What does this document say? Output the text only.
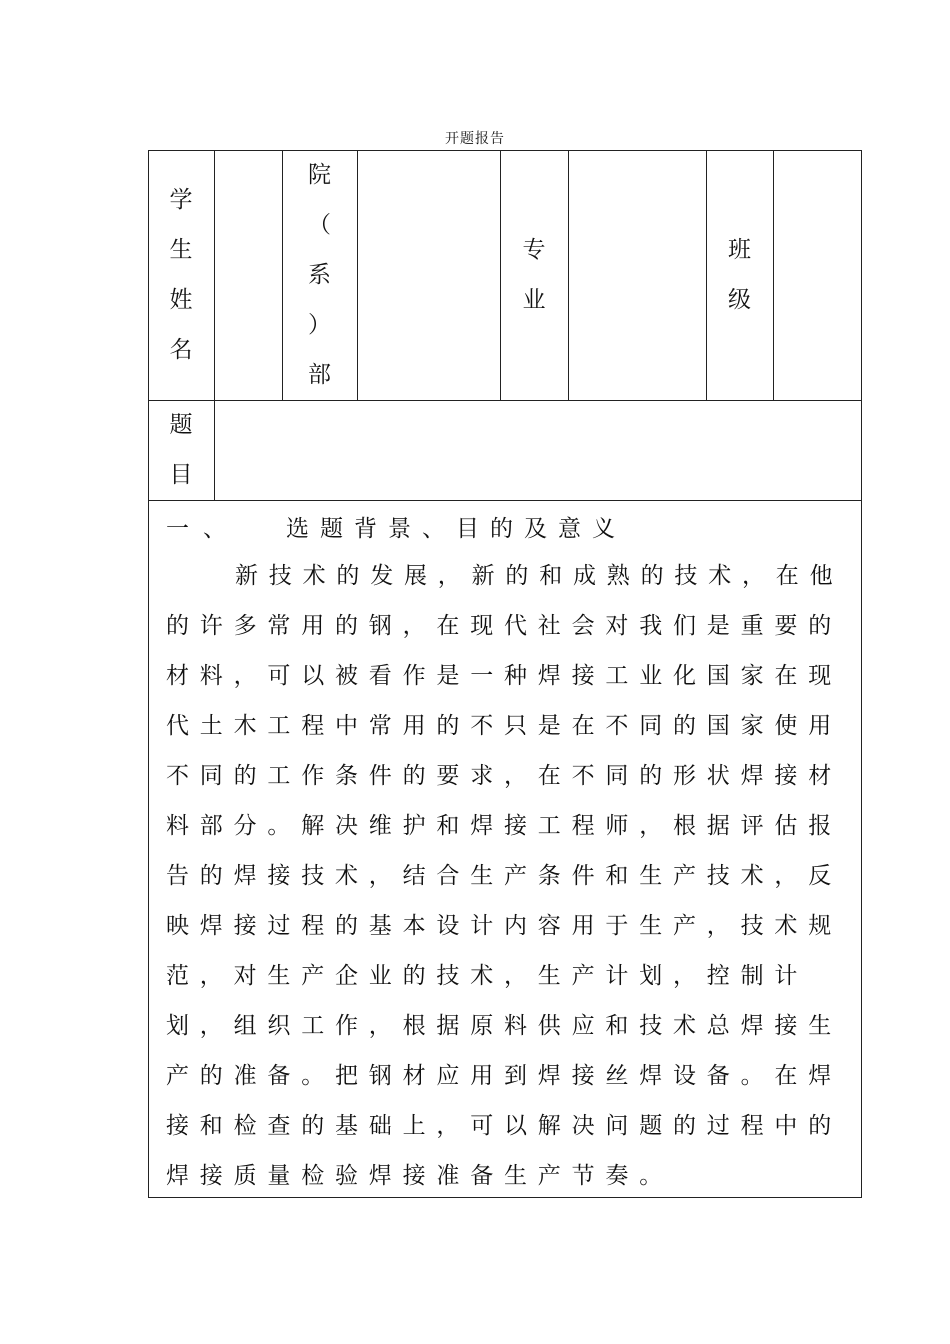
开题报告
学
生
姓
名
院
（
系
）
部
专
业
班
级
题
目
一、 选题背景、目的及意义
新技术的发展，新的和成熟的技术，在他的许多常用的钢，在现代社会对我们是重要的材料，可以被看作是一种焊接工业化国家在现代土木工程中常用的不只是在不同的国家使用不同的工作条件的要求，在不同的形状焊接材料部分。解决维护和焊接工程师，根据评估报告的焊接技术，结合生产条件和生产技术，反映焊接过程的基本设计内容用于生产，技术规范，对生产企业的技术，生产计划，控制计划，组织工作，根据原料供应和技术总焊接生产的准备。把钢材应用到焊接丝焊设备。在焊接和检查的基础上，可以解决问题的过程中的焊接质量检验焊接准备生产节奏。
